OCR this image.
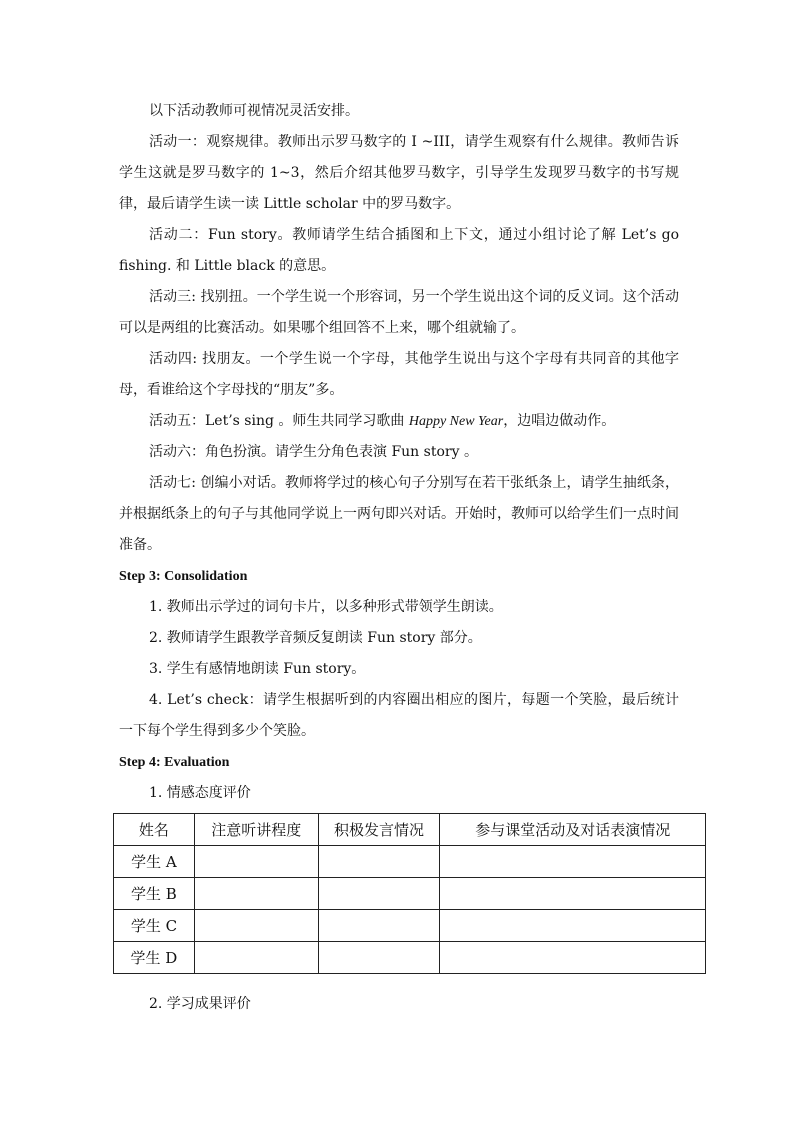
以下活动教师可视情况灵活安排。

活动一：观察规律。教师出示罗马数字的 I ~III，请学生观察有什么规律。教师告诉学生这就是罗马数字的 1~3，然后介绍其他罗马数字，引导学生发现罗马数字的书写规律，最后请学生读一读 Little scholar 中的罗马数字。

活动二：Fun story。教师请学生结合插图和上下文，通过小组讨论了解 Let’s go fishing. 和 Little black 的意思。

活动三: 找别扭。一个学生说一个形容词，另一个学生说出这个词的反义词。这个活动可以是两组的比赛活动。如果哪个组回答不上来，哪个组就输了。

活动四: 找朋友。一个学生说一个字母，其他学生说出与这个字母有共同音的其他字母，看谁给这个字母找的“朋友”多。

活动五：Let’s sing 。师生共同学习歌曲 Happy New Year，边唱边做动作。

活动六：角色扮演。请学生分角色表演 Fun story 。

活动七: 创编小对话。教师将学过的核心句子分别写在若干张纸条上，请学生抽纸条，并根据纸条上的句子与其他同学说上一两句即兴对话。开始时，教师可以给学生们一点时间准备。

Step 3: Consolidation

1. 教师出示学过的词句卡片，以多种形式带领学生朗读。

2. 教师请学生跟教学音频反复朗读 Fun story 部分。

3. 学生有感情地朗读 Fun story。

4. Let’s check：请学生根据听到的内容圈出相应的图片，每题一个笑脸，最后统计一下每个学生得到多少个笑脸。

Step 4: Evaluation

1. 情感态度评价

姓名	注意听讲程度	积极发言情况	参与课堂活动及对话表演情况
学生 A			
学生 B			
学生 C			
学生 D			

2. 学习成果评价
